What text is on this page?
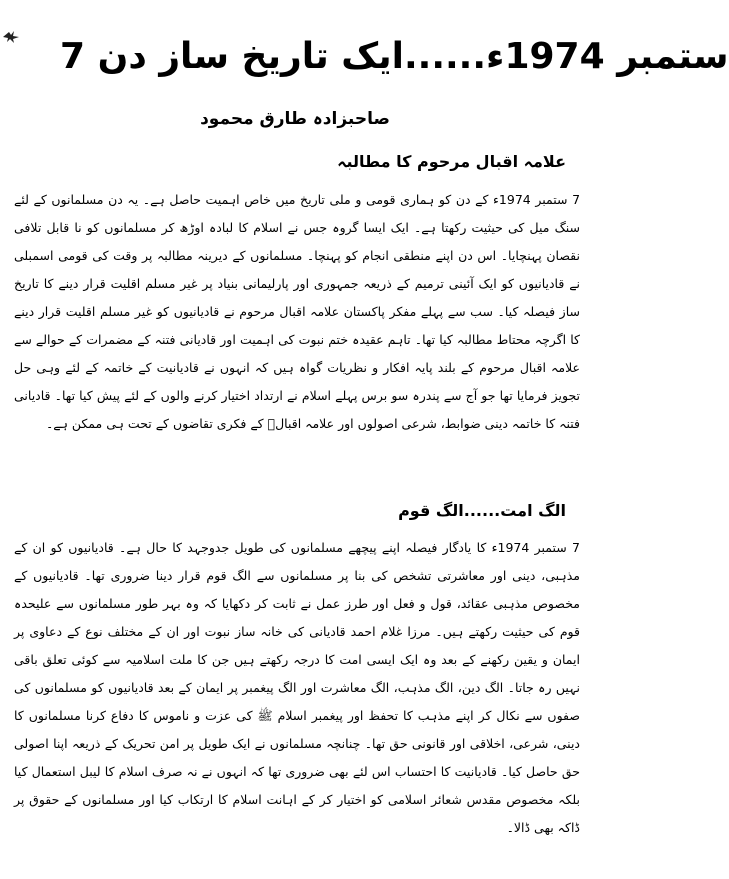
7 ستمبر 1974ء......ایک تاریخ ساز دن
صاحبزادہ طارق محمود
علامہ اقبال مرحوم کا مطالبہ

7 ستمبر 1974ء کے دن کو ہماری قومی و ملی تاریخ میں خاص اہمیت حاصل ہے۔ یہ دن مسلمانوں کے لئے سنگ میل کی حیثیت رکھتا ہے۔ ایک ایسا گروہ جس نے اسلام کا لبادہ اوڑھ کر مسلمانوں کو نا قابل تلافی نقصان پہنچایا۔ اس دن اپنے منطقی انجام کو پہنچا۔ مسلمانوں کے دیرینہ مطالبہ پر وقت کی قومی اسمبلی نے قادیانیوں کو ایک آئینی ترمیم کے ذریعہ جمہوری اور پارلیمانی بنیاد پر غیر مسلم اقلیت قرار دینے کا تاریخ ساز فیصلہ کیا۔ سب سے پہلے مفکر پاکستان علامہ اقبال مرحوم نے قادیانیوں کو غیر مسلم اقلیت قرار دینے کا اگرچہ محتاط مطالبہ کیا تھا۔ تاہم عقیدہ ختم نبوت کی اہمیت اور قادیانی فتنہ کے مضمرات کے حوالے سے علامہ اقبال مرحوم کے بلند پایہ افکار و نظریات گواہ ہیں کہ انہوں نے قادیانیت کے خاتمہ کے لئے وہی حل تجویز فرمایا تھا جو آج سے پندرہ سو برس پہلے اسلام نے ارتداد اختیار کرنے والوں کے لئے پیش کیا تھا۔ قادیانی فتنہ کا خاتمہ دینی ضوابط، شرعی اصولوں اور علامہ اقبالؒ کے فکری تقاضوں کے تحت ہی ممکن ہے۔

الگ امت......الگ قوم

7 ستمبر 1974ء کا یادگار فیصلہ اپنے پیچھے مسلمانوں کی طویل جدوجہد کا حال ہے۔ قادیانیوں کو ان کے مذہبی، دینی اور معاشرتی تشخص کی بنا پر مسلمانوں سے الگ قوم قرار دینا ضروری تھا۔ قادیانیوں کے مخصوص مذہبی عقائد، قول و فعل اور طرز عمل نے ثابت کر دکھایا کہ وہ بہر طور مسلمانوں سے علیحدہ قوم کی حیثیت رکھتے ہیں۔ مرزا غلام احمد قادیانی کی خانہ ساز نبوت اور ان کے مختلف نوع کے دعاوی پر ایمان و یقین رکھنے کے بعد وہ ایک ایسی امت کا درجہ رکھتے ہیں جن کا ملت اسلامیہ سے کوئی تعلق باقی نہیں رہ جاتا۔ الگ دین، الگ مذہب، الگ معاشرت اور الگ پیغمبر پر ایمان کے بعد قادیانیوں کو مسلمانوں کی صفوں سے نکال کر اپنے مذہب کا تحفظ اور پیغمبر اسلام ﷺ کی عزت و ناموس کا دفاع کرنا مسلمانوں کا دینی، شرعی، اخلاقی اور قانونی حق تھا۔ چنانچہ مسلمانوں نے ایک طویل پر امن تحریک کے ذریعہ اپنا اصولی حق حاصل کیا۔ قادیانیت کا احتساب اس لئے بھی ضروری تھا کہ انہوں نے نہ صرف اسلام کا لیبل استعمال کیا بلکہ مخصوص مقدس شعائر اسلامی کو اختیار کر کے اہانت اسلام کا ارتکاب کیا اور مسلمانوں کے حقوق پر ڈاکہ بھی ڈالا۔
